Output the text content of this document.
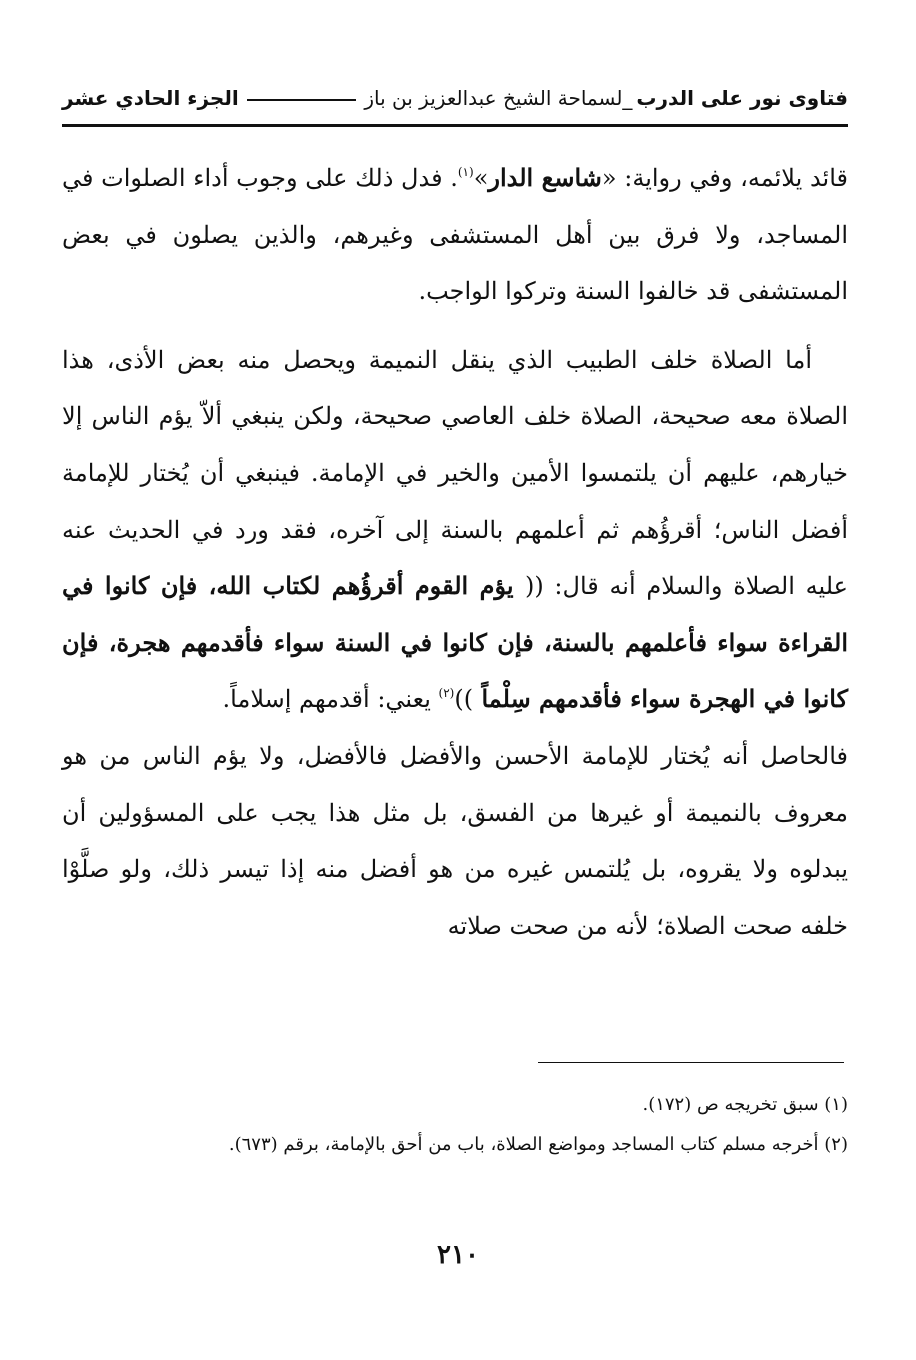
فتاوى نور على الدرب
_لسماحة الشيخ عبدالعزيز بن باز
الجزء الحادي عشر

قائد يلائمه، وفي رواية: «شاسع الدار»$^{(١)}$. فدل ذلك على وجوب أداء الصلوات في المساجد، ولا فرق بين أهل المستشفى وغيرهم، والذين يصلون في بعض المستشفى قد خالفوا السنة وتركوا الواجب.

أما الصلاة خلف الطبيب الذي ينقل النميمة ويحصل منه بعض الأذى، هذا الصلاة معه صحيحة، الصلاة خلف العاصي صحيحة، ولكن ينبغي ألاّ يؤم الناس إلا خيارهم، عليهم أن يلتمسوا الأمين والخير في الإمامة. فينبغي أن يُختار للإمامة أفضل الناس؛ أقرؤُهم ثم أعلمهم بالسنة إلى آخره، فقد ورد في الحديث عنه عليه الصلاة والسلام أنه قال: (( يؤم القوم أقرؤُهم لكتاب الله، فإن كانوا في القراءة سواء فأعلمهم بالسنة، فإن كانوا في السنة سواء فأقدمهم هجرة، فإن كانوا في الهجرة سواء فأقدمهم سِلْماً ))$^{(٢)}$ يعني: أقدمهم إسلاماً.

فالحاصل أنه يُختار للإمامة الأحسن والأفضل فالأفضل، ولا يؤم الناس من هو معروف بالنميمة أو غيرها من الفسق، بل مثل هذا يجب على المسؤولين أن يبدلوه ولا يقروه، بل يُلتمس غيره من هو أفضل منه إذا تيسر ذلك، ولو صلَّوْا خلفه صحت الصلاة؛ لأنه من صحت صلاته

(١) سبق تخريجه ص (١٧٢).

(٢) أخرجه مسلم كتاب المساجد ومواضع الصلاة، باب من أحق بالإمامة، برقم (٦٧٣).

٢١٠
